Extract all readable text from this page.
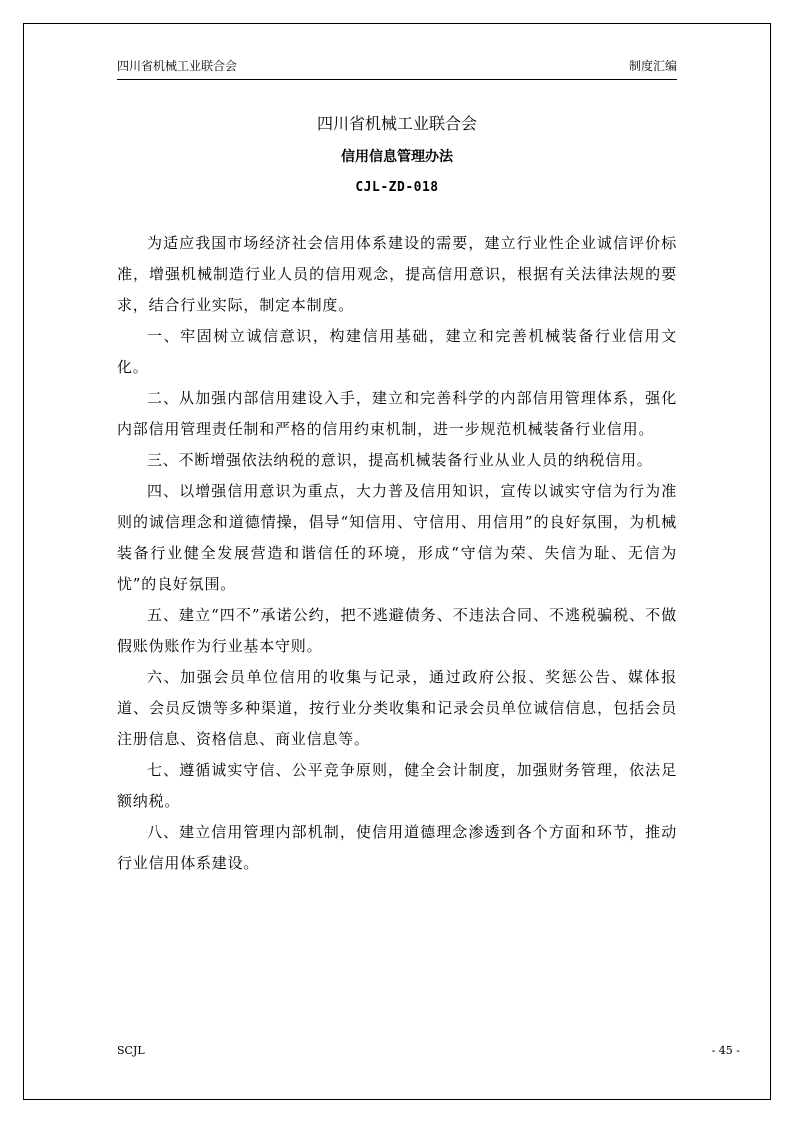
四川省机械工业联合会	制度汇编
四川省机械工业联合会
信用信息管理办法
CJL-ZD-018

为适应我国市场经济社会信用体系建设的需要，建立行业性企业诚信评价标准，增强机械制造行业人员的信用观念，提高信用意识，根据有关法律法规的要求，结合行业实际，制定本制度。

一、牢固树立诚信意识，构建信用基础，建立和完善机械装备行业信用文化。

二、从加强内部信用建设入手，建立和完善科学的内部信用管理体系，强化内部信用管理责任制和严格的信用约束机制，进一步规范机械装备行业信用。

三、不断增强依法纳税的意识，提高机械装备行业从业人员的纳税信用。

四、以增强信用意识为重点，大力普及信用知识，宣传以诚实守信为行为准则的诚信理念和道德情操，倡导“知信用、守信用、用信用”的良好氛围，为机械装备行业健全发展营造和谐信任的环境，形成“守信为荣、失信为耻、无信为忧”的良好氛围。

五、建立“四不”承诺公约，把不逃避债务、不违法合同、不逃税骗税、不做假账伪账作为行业基本守则。

六、加强会员单位信用的收集与记录，通过政府公报、奖惩公告、媒体报道、会员反馈等多种渠道，按行业分类收集和记录会员单位诚信信息，包括会员注册信息、资格信息、商业信息等。

七、遵循诚实守信、公平竞争原则，健全会计制度，加强财务管理，依法足额纳税。

八、建立信用管理内部机制，使信用道德理念渗透到各个方面和环节，推动行业信用体系建设。

SCJL	- 45 -
